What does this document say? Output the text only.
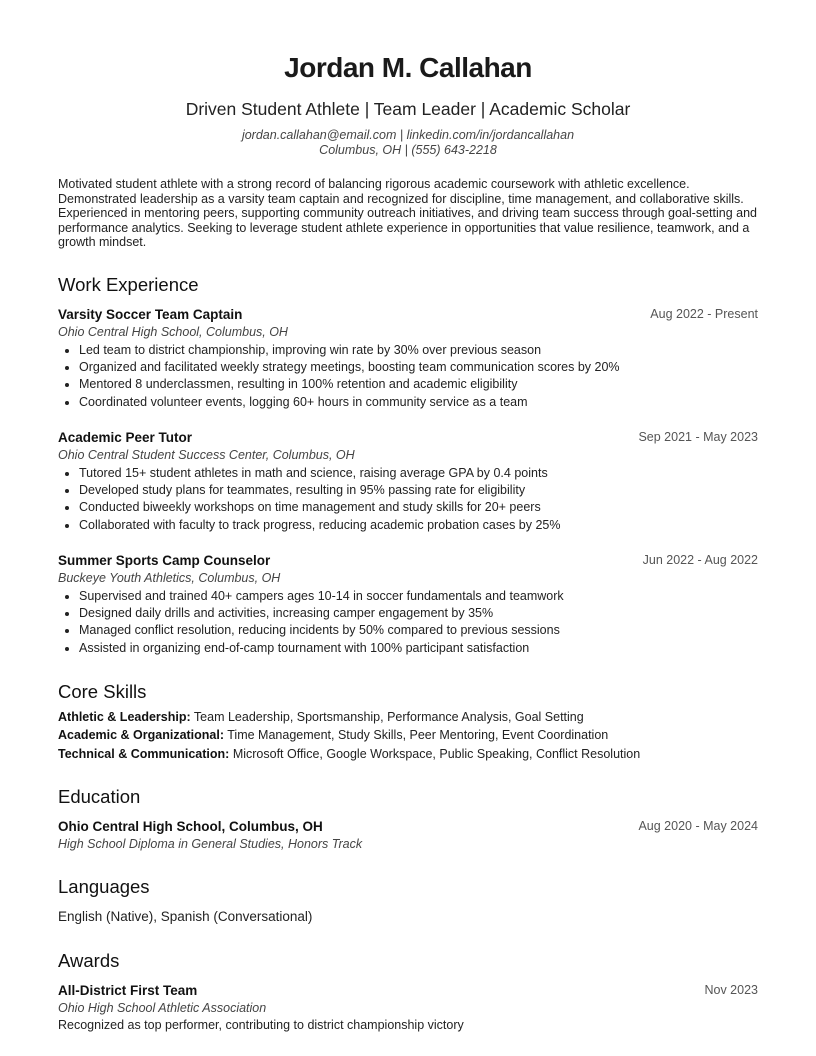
Jordan M. Callahan
Driven Student Athlete | Team Leader | Academic Scholar
jordan.callahan@email.com | linkedin.com/in/jordancallahan
Columbus, OH | (555) 643-2218
Motivated student athlete with a strong record of balancing rigorous academic coursework with athletic excellence. Demonstrated leadership as a varsity team captain and recognized for discipline, time management, and collaborative skills. Experienced in mentoring peers, supporting community outreach initiatives, and driving team success through goal-setting and performance analytics. Seeking to leverage student athlete experience in opportunities that value resilience, teamwork, and a growth mindset.
Work Experience
Varsity Soccer Team Captain	Aug 2022 - Present
Ohio Central High School, Columbus, OH
• Led team to district championship, improving win rate by 30% over previous season
• Organized and facilitated weekly strategy meetings, boosting team communication scores by 20%
• Mentored 8 underclassmen, resulting in 100% retention and academic eligibility
• Coordinated volunteer events, logging 60+ hours in community service as a team
Academic Peer Tutor	Sep 2021 - May 2023
Ohio Central Student Success Center, Columbus, OH
• Tutored 15+ student athletes in math and science, raising average GPA by 0.4 points
• Developed study plans for teammates, resulting in 95% passing rate for eligibility
• Conducted biweekly workshops on time management and study skills for 20+ peers
• Collaborated with faculty to track progress, reducing academic probation cases by 25%
Summer Sports Camp Counselor	Jun 2022 - Aug 2022
Buckeye Youth Athletics, Columbus, OH
• Supervised and trained 40+ campers ages 10-14 in soccer fundamentals and teamwork
• Designed daily drills and activities, increasing camper engagement by 35%
• Managed conflict resolution, reducing incidents by 50% compared to previous sessions
• Assisted in organizing end-of-camp tournament with 100% participant satisfaction
Core Skills
Athletic & Leadership: Team Leadership, Sportsmanship, Performance Analysis, Goal Setting
Academic & Organizational: Time Management, Study Skills, Peer Mentoring, Event Coordination
Technical & Communication: Microsoft Office, Google Workspace, Public Speaking, Conflict Resolution
Education
Ohio Central High School, Columbus, OH	Aug 2020 - May 2024
High School Diploma in General Studies, Honors Track
Languages
English (Native), Spanish (Conversational)
Awards
All-District First Team	Nov 2023
Ohio High School Athletic Association
Recognized as top performer, contributing to district championship victory
